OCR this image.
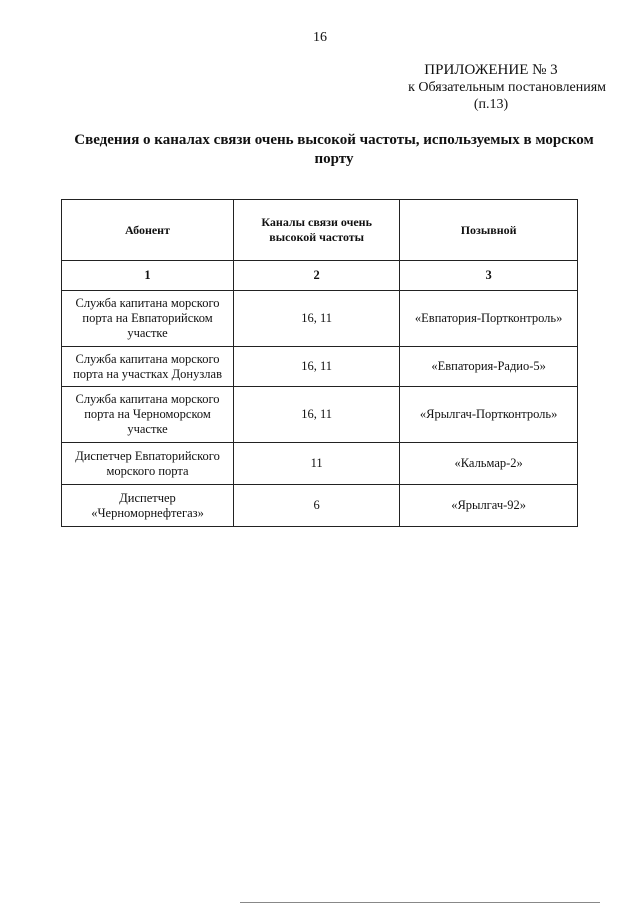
16
ПРИЛОЖЕНИЕ № 3
к Обязательным постановлениям
(п.13)
Сведения о каналах связи очень высокой частоты, используемых в морском порту
Абонент	Каналы связи очень высокой частоты	Позывной
1	2	3
Служба капитана морского порта на Евпаторийском участке	16, 11	«Евпатория-Портконтроль»
Служба капитана морского порта на участках Донузлав	16, 11	«Евпатория-Радио-5»
Служба капитана морского порта на Черноморском участке	16, 11	«Ярылгач-Портконтроль»
Диспетчер Евпаторийского морского порта	11	«Кальмар-2»
Диспетчер «Черноморнефтегаз»	6	«Ярылгач-92»
